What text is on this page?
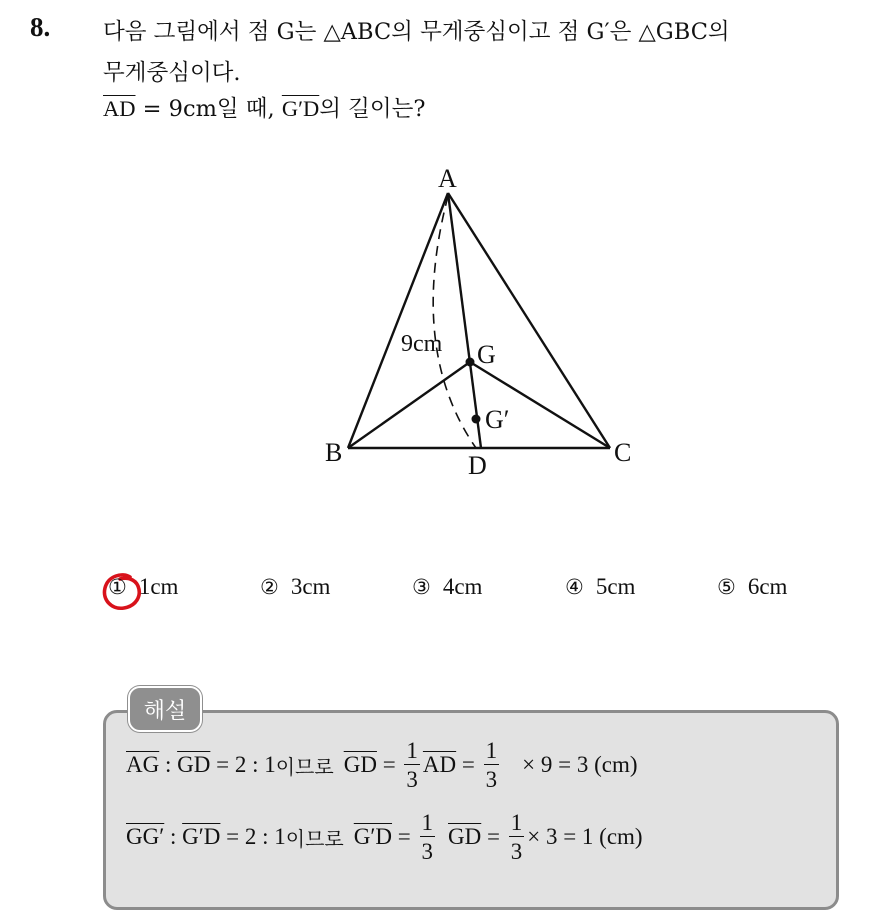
8. 다음 그림에서 점 G는 △ABC의 무게중심이고 점 G′은 △GBC의
무게중심이다.
$\overline{AD} = 9cm$일 때, G′D의 길이는?
A
B	C
D
G
G′
9cm
① 1cm	② 3cm	③ 4cm	④ 5cm	⑤ 6cm
해설
$\overline{AG}$ : $\overline{GD} = 2$ : 1 이므로 $\overline{GD} = \frac{1}{3} \overline{AD} = \frac{1}{3} \times 9 = 3$ (cm)
GG′ : G′D = 2 : 1 이므로 $G'D = \frac{1}{3} \overline{GD} = \frac{1}{3} \times 3 = 1$ (cm)
